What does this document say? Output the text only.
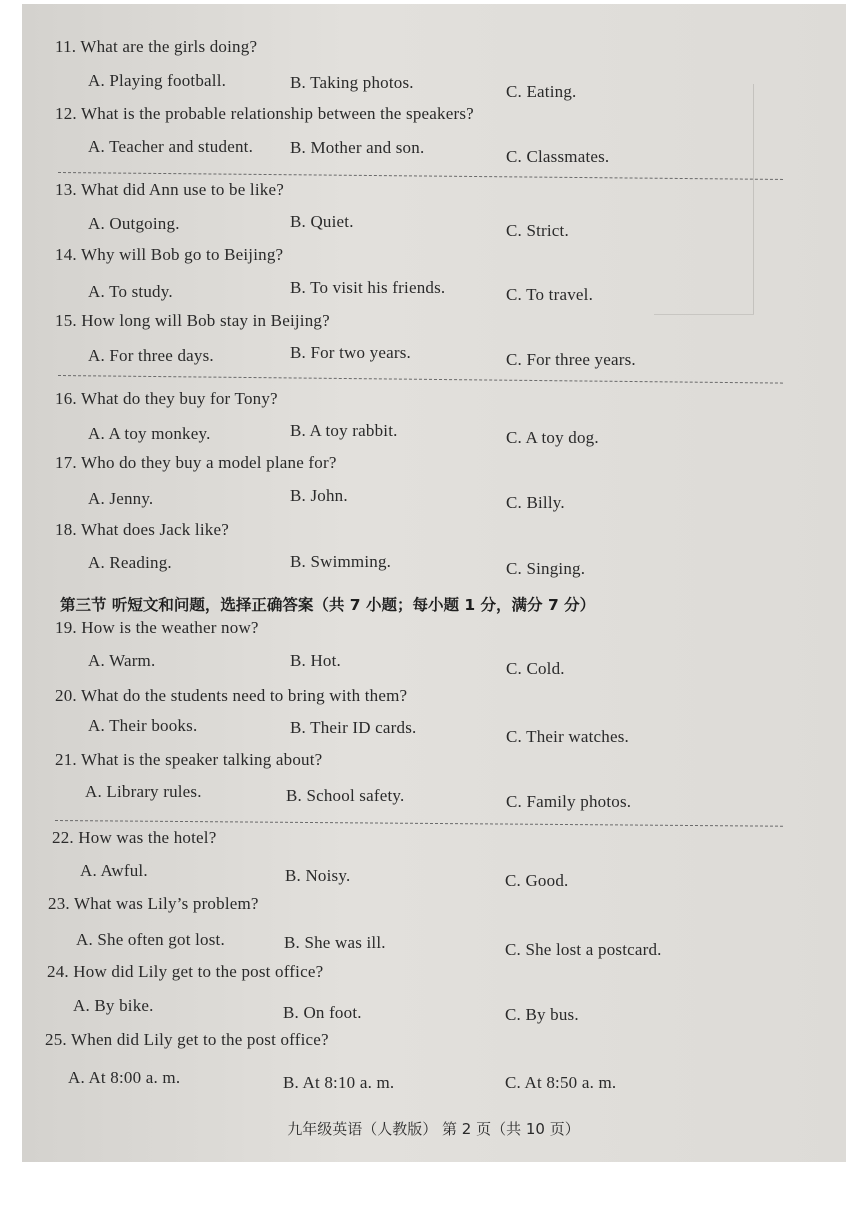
11. What are the girls doing?
A. Playing football.	B. Taking photos.	C. Eating.
12. What is the probable relationship between the speakers?
A. Teacher and student. B. Mother and son.	C. Classmates.
13. What did Ann use to be like?
A. Outgoing.	B. Quiet.	C. Strict.
14. Why will Bob go to Beijing?
A. To study.	B. To visit his friends.	C. To travel.
15. How long will Bob stay in Beijing?
A. For three days.	B. For two years.	C. For three years.
16. What do they buy for Tony?
A. A toy monkey.	B. A toy rabbit.	C. A toy dog.
17. Who do they buy a model plane for?
A. Jenny.	B. John.	C. Billy.
18. What does Jack like?
A. Reading.	B. Swimming.	C. Singing.
第三节 听短文和问题，选择正确答案（共 7 小题；每小题 1 分，满分 7 分）
19. How is the weather now?
A. Warm.	B. Hot.	C. Cold.
20. What do the students need to bring with them?
A. Their books.	B. Their ID cards.	C. Their watches.
21. What is the speaker talking about?
A. Library rules.	B. School safety.	C. Family photos.
22. How was the hotel?
A. Awful.	B. Noisy.	C. Good.
23. What was Lily’s problem?
A. She often got lost.	B. She was ill.	C. She lost a postcard.
24. How did Lily get to the post office?
A. By bike.	B. On foot.	C. By bus.
25. When did Lily get to the post office?
A. At 8:00 a. m.	B. At 8:10 a. m.	C. At 8:50 a. m.
九年级英语（人教版） 第 2 页（共 10 页）
